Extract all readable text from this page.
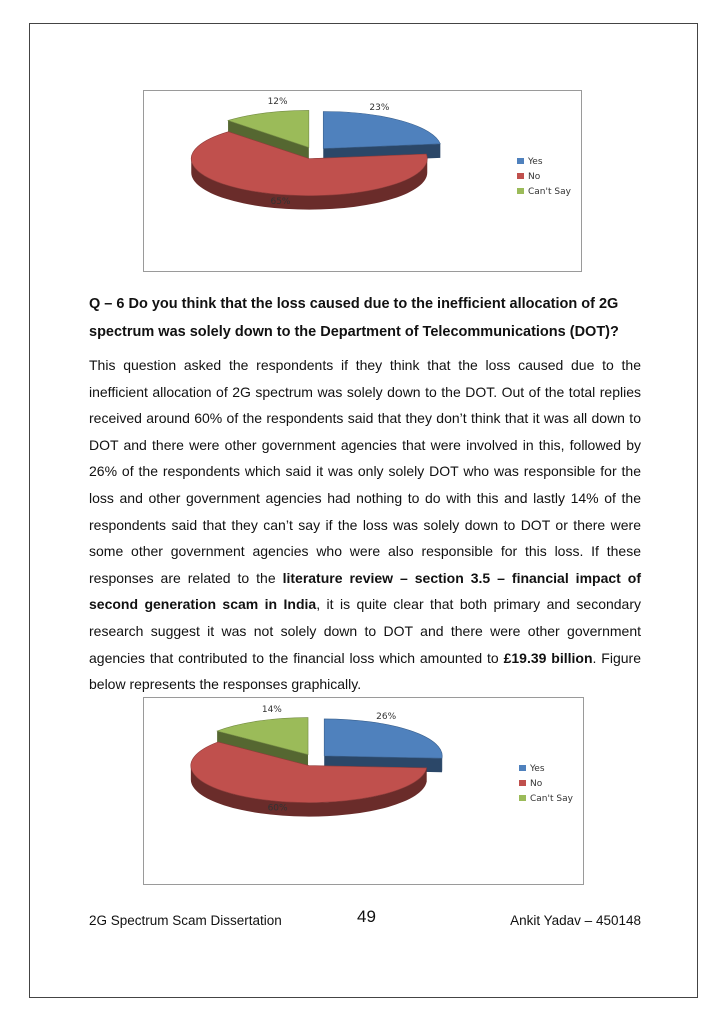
23%
65%
12%
Yes
No
Can't Say
Q – 6 Do you think that the loss caused due to the inefficient allocation of 2G spectrum was solely down to the Department of Telecommunications (DOT)?
This question asked the respondents if they think that the loss caused due to the inefficient allocation of 2G spectrum was solely down to the DOT. Out of the total replies received around 60% of the respondents said that they don’t think that it was all down to DOT and there were other government agencies that were involved in this, followed by 26% of the respondents which said it was only solely DOT who was responsible for the loss and other government agencies had nothing to do with this and lastly 14% of the respondents said that they can’t say if the loss was solely down to DOT or there were some other government agencies who were also responsible for this loss. If these responses are related to the literature review – section 3.5 – financial impact of second generation scam in India, it is quite clear that both primary and secondary research suggest it was not solely down to DOT and there were other government agencies that contributed to the financial loss which amounted to £19.39 billion. Figure below represents the responses graphically.
26%
60%
14%
Yes
No
Can't Say
2G Spectrum Scam Dissertation	49	Ankit Yadav – 450148
